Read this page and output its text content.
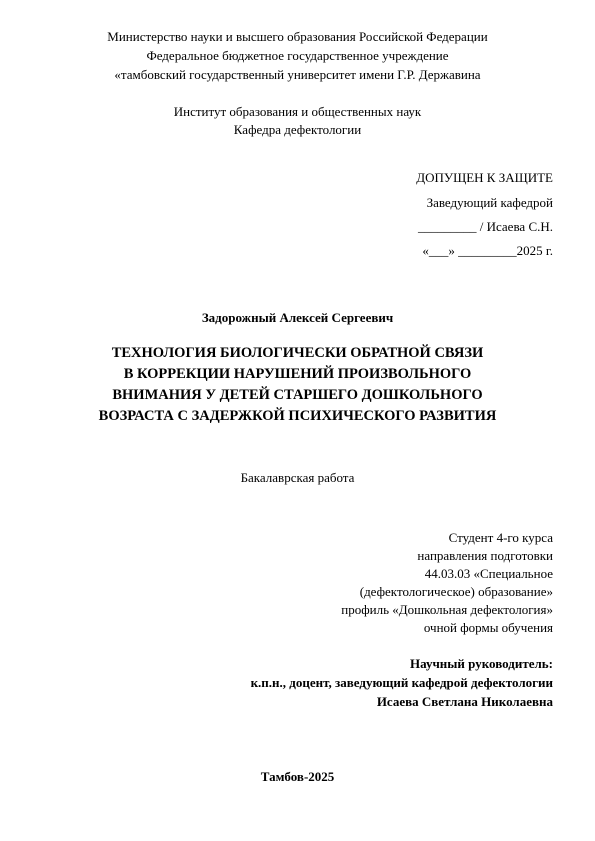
Министерство науки и высшего образования Российской Федерации
Федеральное бюджетное государственное учреждение
«тамбовский государственный университет имени Г.Р. Державина
Институт образования и общественных наук
Кафедра дефектологии
ДОПУЩЕН К ЗАЩИТЕ
Заведующий кафедрой
_________ / Исаева С.Н.
«___» _________2025 г.
Задорожный Алексей Сергеевич
ТЕХНОЛОГИЯ БИОЛОГИЧЕСКИ ОБРАТНОЙ СВЯЗИ
В КОРРЕКЦИИ НАРУШЕНИЙ ПРОИЗВОЛЬНОГО
ВНИМАНИЯ У ДЕТЕЙ СТАРШЕГО ДОШКОЛЬНОГО
ВОЗРАСТА С ЗАДЕРЖКОЙ ПСИХИЧЕСКОГО РАЗВИТИЯ
Бакалаврская работа
Студент 4-го курса
направления подготовки
44.03.03 «Специальное
(дефектологическое) образование»
профиль «Дошкольная дефектология»
очной формы обучения
Научный руководитель:
к.п.н., доцент, заведующий кафедрой дефектологии
Исаева Светлана Николаевна
Тамбов-2025
